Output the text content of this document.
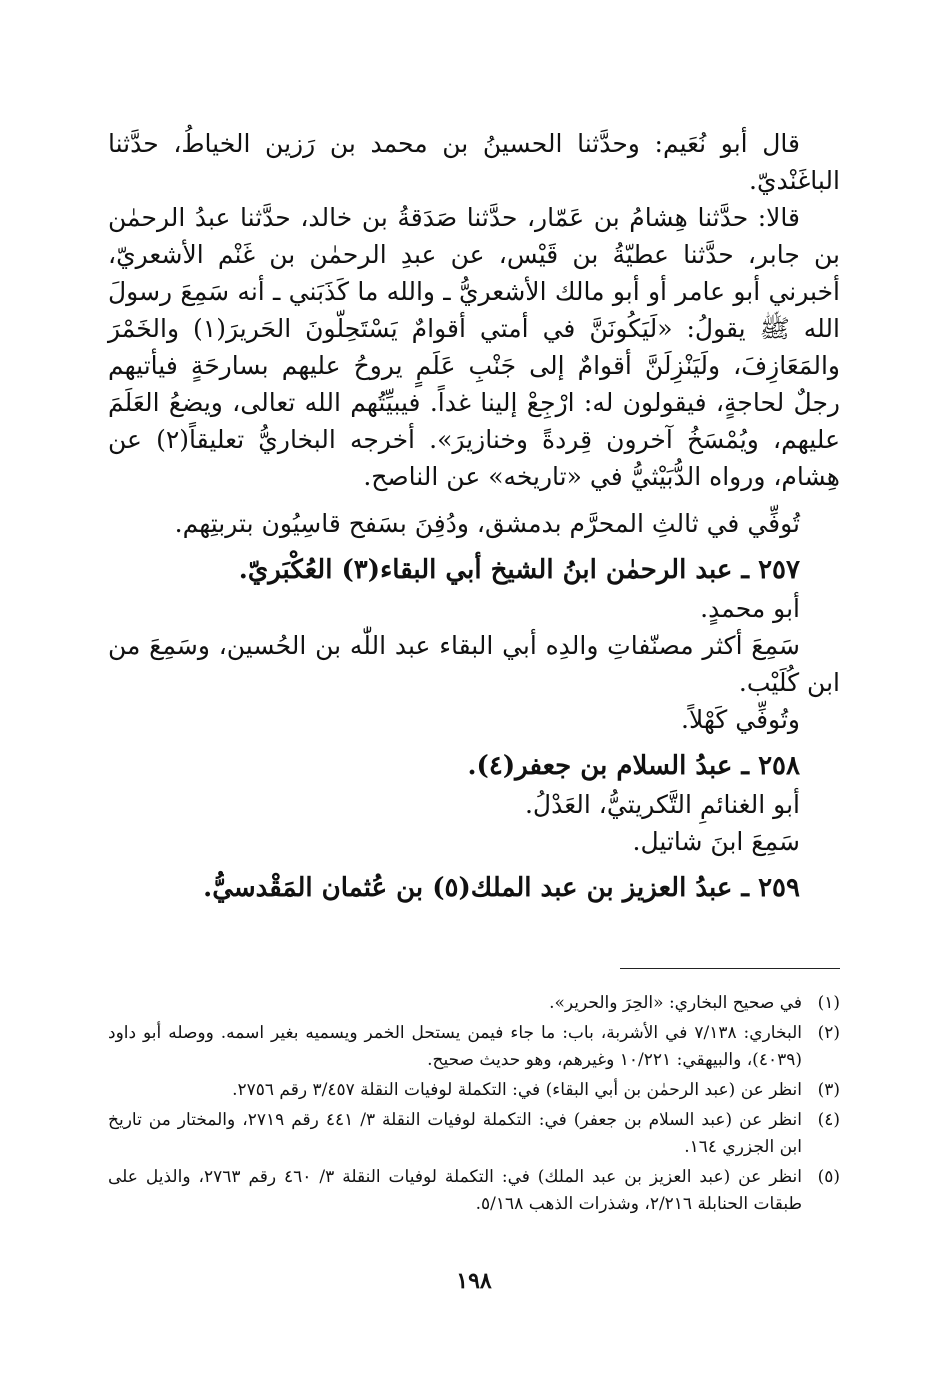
قال أبو نُعَيم: وحدَّثنا الحسينُ بن محمد بن رَزين الخياطُ، حدَّثنا الباغَنْديّ.

قالا: حدَّثنا هِشامُ بن عَمّار، حدَّثنا صَدَقةُ بن خالد، حدَّثنا عبدُ الرحمٰن بن جابر، حدَّثنا عطيّةُ بن قَيْس، عن عبدِ الرحمٰن بن غَنْم الأشعريّ، أخبرني أبو عامر أو أبو مالك الأشعريُّ ـ والله ما كَذَبَني ـ أنه سَمِعَ رسولَ الله ﷺ يقولُ: «لَيَكُونَنَّ في أمتي أقوامٌ يَسْتَحِلّونَ الحَريرَ(١) والخَمْرَ والمَعَازِفَ، ولَيَنْزِلَنَّ أقوامٌ إلى جَنْبِ عَلَمٍ يروحُ عليهم بسارحَةٍ فيأتيهم رجلٌ لحاجةٍ، فيقولون له: ارْجِعْ إلينا غداً. فيبيِّتُهم الله تعالى، ويضعُ العَلَمَ عليهم، ويُمْسَخُ آخرون قِردةً وخنازيرَ». أخرجه البخاريُّ تعليقاً(٢) عن هِشام، ورواه الدُّبَيْثيُّ في «تاريخه» عن الناصح.

تُوفِّي في ثالثِ المحرَّم بدمشق، ودُفِنَ بسَفح قاسِيُون بتربتِهم.

٢٥٧ ـ عبد الرحمٰن ابنُ الشيخ أبي البقاء(٣) العُكْبَريّ.

أبو محمدٍ.

سَمِعَ أكثر مصنّفاتِ والدِه أبي البقاء عبد اللّٰه بن الحُسين، وسَمِعَ من ابن كُلَيْب.

وتُوفِّي كَهْلاً.

٢٥٨ ـ عبدُ السلام بن جعفر(٤).

أبو الغنائمِ التَّكريتيُّ، العَدْلُ.

سَمِعَ ابنَ شاتيل.

٢٥٩ ـ عبدُ العزيز بن عبد الملك(٥) بن عُثمان المَقْدسيُّ.

(١)
في صحيح البخاري: «الحِرَ والحرير».
(٢)
البخاري: ٧/١٣٨ في الأشربة، باب: ما جاء فيمن يستحل الخمر ويسميه بغير اسمه. ووصله أبو داود (٤٠٣٩)، والبيهقي: ١٠/٢٢١ وغيرهم، وهو حديث صحيح.
(٣)
انظر عن (عبد الرحمٰن بن أبي البقاء) في: التكملة لوفيات النقلة ٣/٤٥٧ رقم ٢٧٥٦.
(٤)
انظر عن (عبد السلام بن جعفر) في: التكملة لوفيات النقلة ٣/ ٤٤١ رقم ٢٧١٩، والمختار من تاريخ ابن الجزري ١٦٤.
(٥)
انظر عن (عبد العزيز بن عبد الملك) في: التكملة لوفيات النقلة ٣/ ٤٦٠ رقم ٢٧٦٣، والذيل على طبقات الحنابلة ٢/٢١٦، وشذرات الذهب ٥/١٦٨.
١٩٨
